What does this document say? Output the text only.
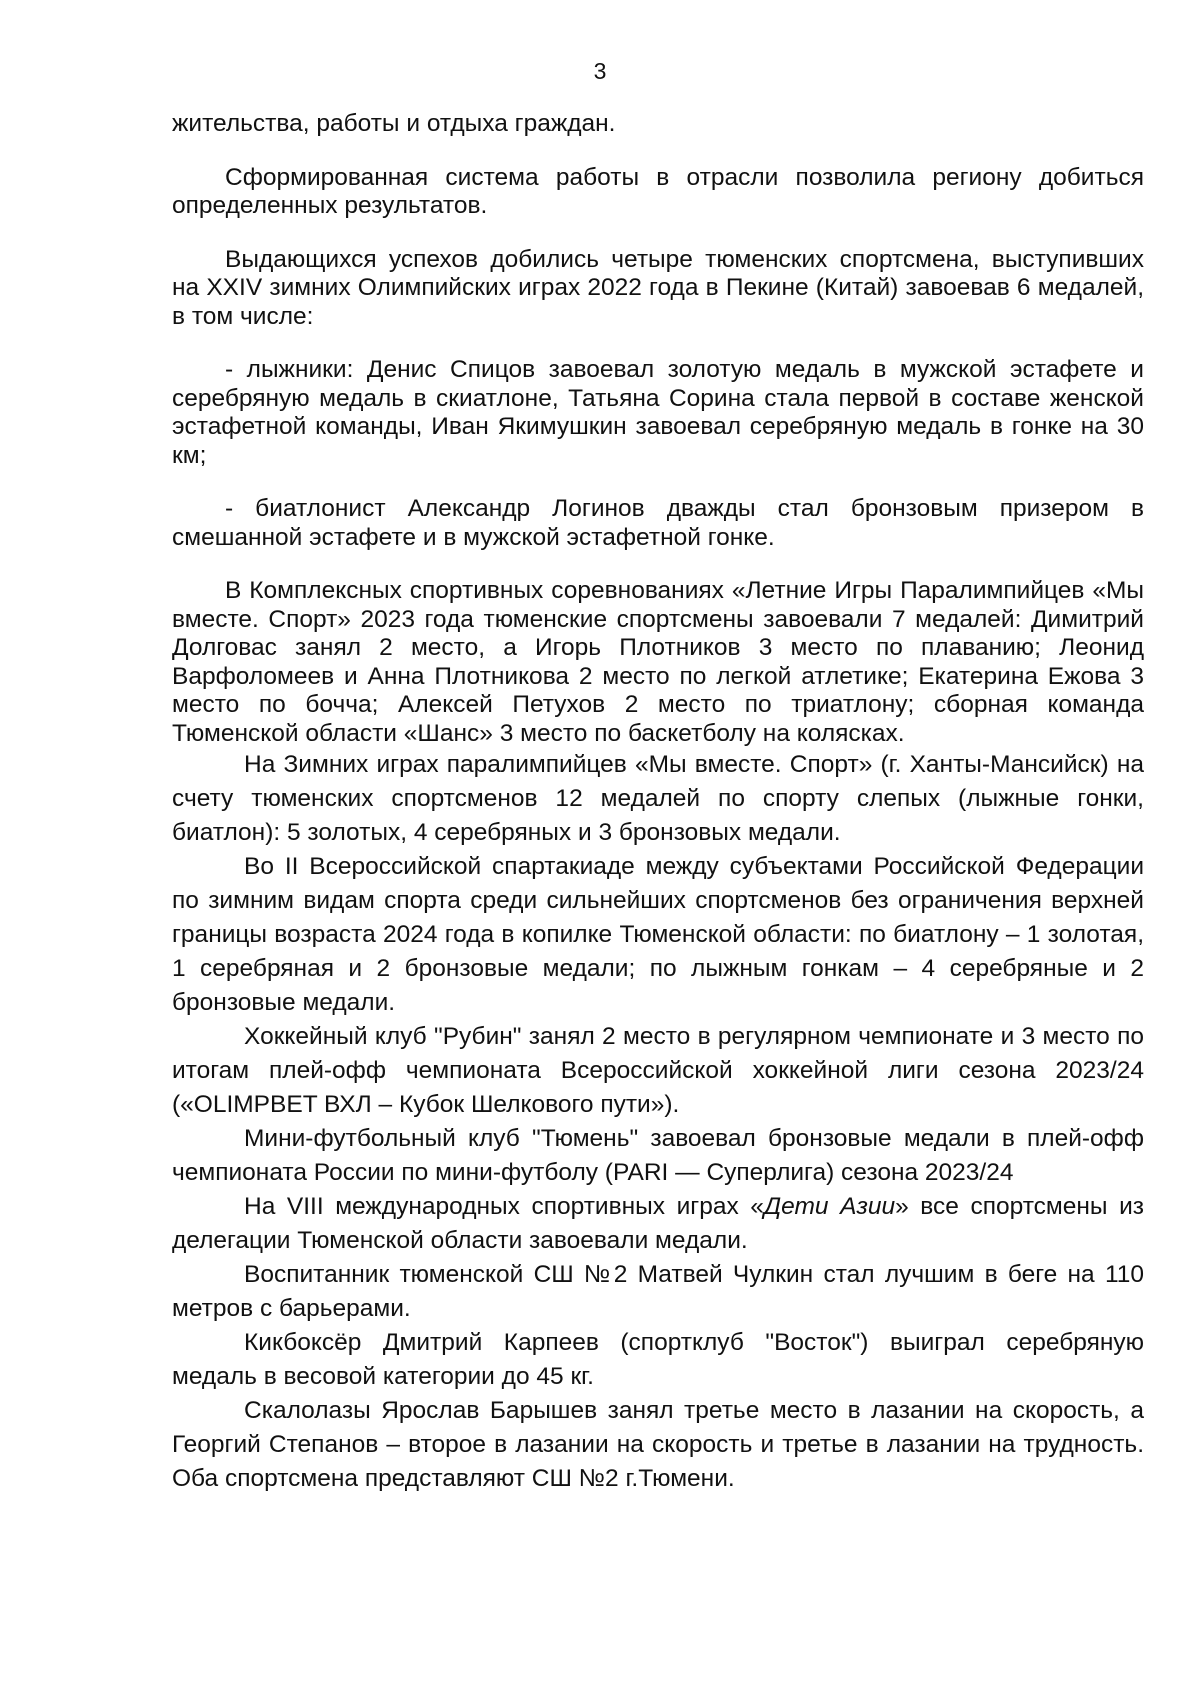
3

жительства, работы и отдыха граждан.

Сформированная система работы в отрасли позволила региону добиться определенных результатов.

Выдающихся успехов добились четыре тюменских спортсмена, выступивших на XXIV зимних Олимпийских играх 2022 года в Пекине (Китай) завоевав 6 медалей, в том числе:

- лыжники: Денис Спицов завоевал золотую медаль в мужской эстафете и серебряную медаль в скиатлоне, Татьяна Сорина стала первой в составе женской эстафетной команды, Иван Якимушкин завоевал серебряную медаль в гонке на 30 км;

- биатлонист Александр Логинов дважды стал бронзовым призером в смешанной эстафете и в мужской эстафетной гонке.

В Комплексных спортивных соревнованиях «Летние Игры Паралимпийцев «Мы вместе. Спорт» 2023 года тюменские спортсмены завоевали 7 медалей: Димитрий Долговас занял 2 место, а Игорь Плотников 3 место по плаванию; Леонид Варфоломеев и Анна Плотникова 2 место по легкой атлетике; Екатерина Ежова 3 место по бочча; Алексей Петухов 2 место по триатлону; сборная команда Тюменской области «Шанс» 3 место по баскетболу на колясках.

На Зимних играх паралимпийцев «Мы вместе. Спорт» (г. Ханты-Мансийск) на счету тюменских спортсменов 12 медалей по спорту слепых (лыжные гонки, биатлон): 5 золотых, 4 серебряных и 3 бронзовых медали.

Во II Всероссийской спартакиаде между субъектами Российской Федерации по зимним видам спорта среди сильнейших спортсменов без ограничения верхней границы возраста 2024 года в копилке Тюменской области: по биатлону – 1 золотая, 1 серебряная и 2 бронзовые медали; по лыжным гонкам – 4 серебряные и 2 бронзовые медали.

Хоккейный клуб "Рубин" занял 2 место в регулярном чемпионате и 3 место по итогам плей-офф чемпионата Всероссийской хоккейной лиги сезона 2023/24 («OLIMPBET ВХЛ – Кубок Шелкового пути»).

Мини-футбольный клуб "Тюмень" завоевал бронзовые медали в плей-офф чемпионата России по мини-футболу (PARI — Суперлига) сезона 2023/24

На VIII международных спортивных играх «Дети Азии» все спортсмены из делегации Тюменской области завоевали медали.

Воспитанник тюменской СШ №2 Матвей Чулкин стал лучшим в беге на 110 метров с барьерами.

Кикбоксёр Дмитрий Карпеев (спортклуб "Восток") выиграл серебряную медаль в весовой категории до 45 кг.

Скалолазы Ярослав Барышев занял третье место в лазании на скорость, а Георгий Степанов – второе в лазании на скорость и третье в лазании на трудность. Оба спортсмена представляют СШ №2 г.Тюмени.
